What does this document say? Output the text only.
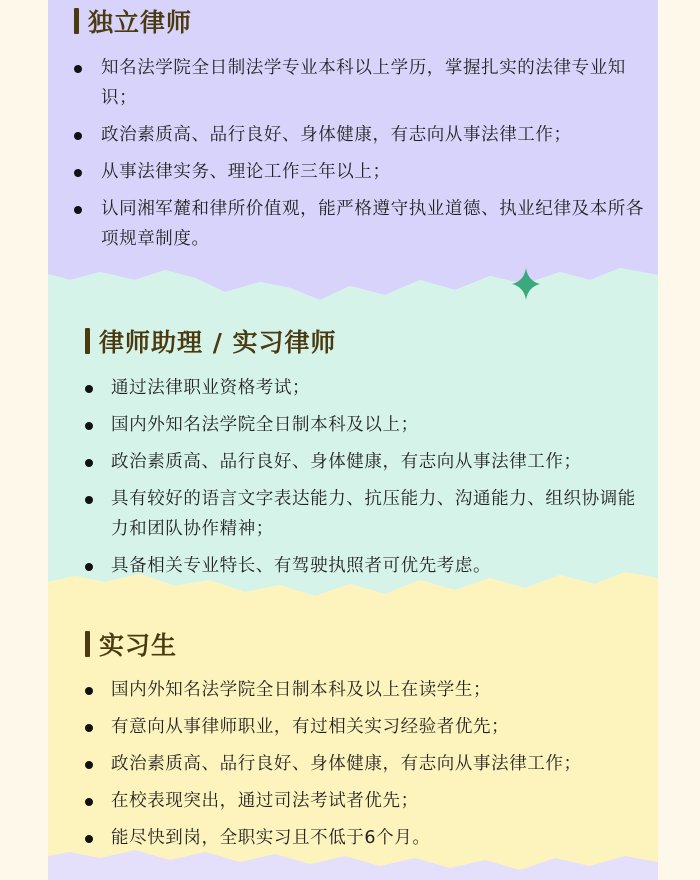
独立律师
知名法学院全日制法学专业本科以上学历，掌握扎实的法律专业知识；
政治素质高、品行良好、身体健康，有志向从事法律工作；
从事法律实务、理论工作三年以上；
认同湘军麓和律所价值观，能严格遵守执业道德、执业纪律及本所各项规章制度。
律师助理 / 实习律师
通过法律职业资格考试；
国内外知名法学院全日制本科及以上；
政治素质高、品行良好、身体健康，有志向从事法律工作；
具有较好的语言文字表达能力、抗压能力、沟通能力、组织协调能力和团队协作精神；
具备相关专业特长、有驾驶执照者可优先考虑。
实习生
国内外知名法学院全日制本科及以上在读学生；
有意向从事律师职业，有过相关实习经验者优先；
政治素质高、品行良好、身体健康，有志向从事法律工作；
在校表现突出，通过司法考试者优先；
能尽快到岗，全职实习且不低于6个月。
